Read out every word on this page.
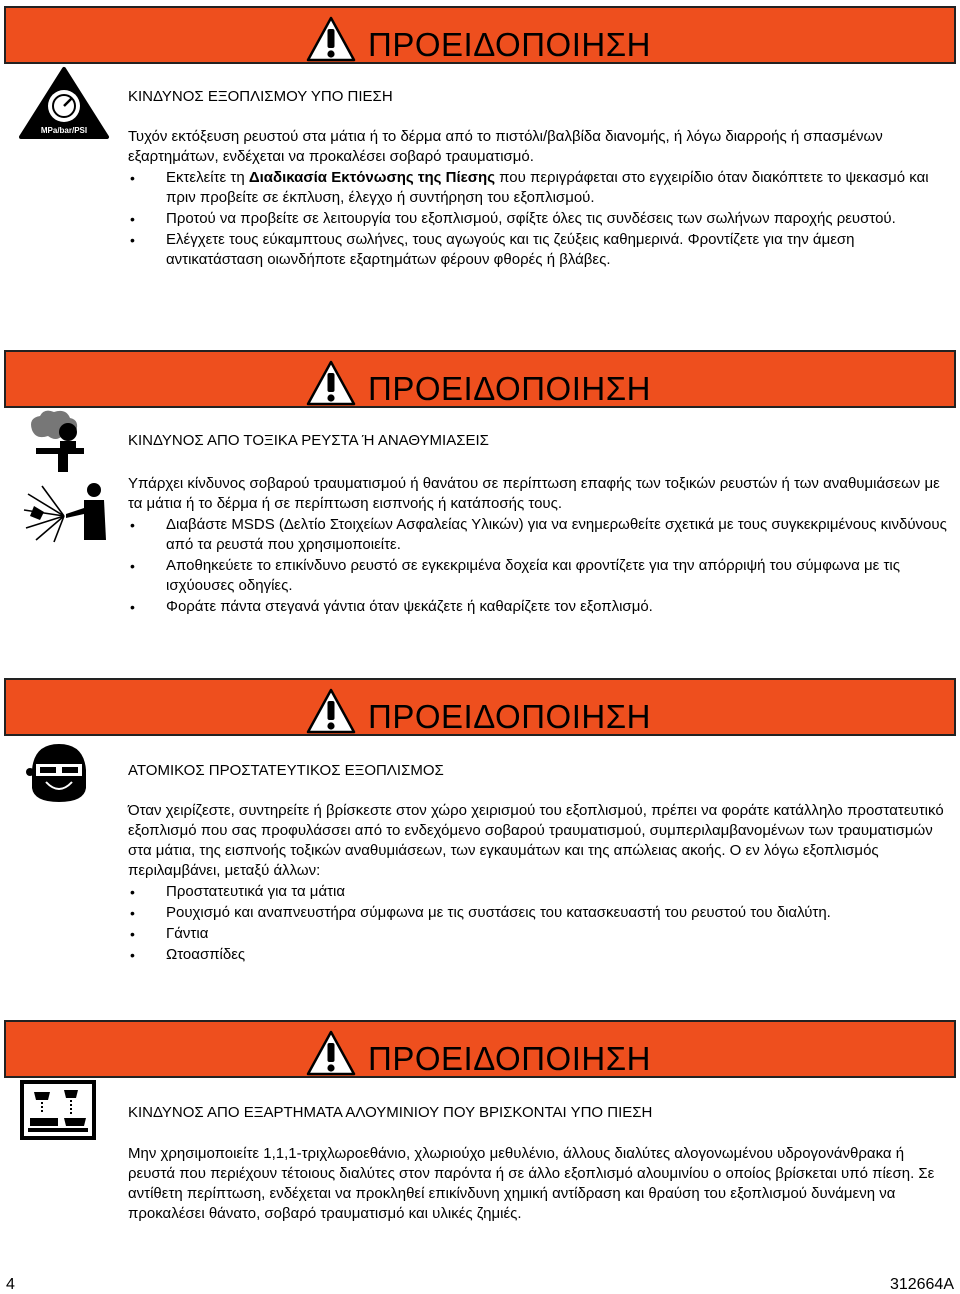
ΠΡΟΕΙΔΟΠΟΙΗΣΗ
MPa/bar/PSI
ΚΙΝΔΥΝΟΣ ΕΞΟΠΛΙΣΜΟΥ ΥΠΟ ΠΙΕΣΗ

Τυχόν εκτόξευση ρευστού στα μάτια ή το δέρμα από το πιστόλι/βαλβίδα διανομής, ή λόγω διαρροής ή σπασμένων εξαρτημάτων, ενδέχεται να προκαλέσει σοβαρό τραυματισμό.

• Εκτελείτε τη Διαδικασία Εκτόνωσης της Πίεσης που περιγράφεται στο εγχειρίδιο όταν διακόπτετε το ψεκασμό και πριν προβείτε σε έκπλυση, έλεγχο ή συντήρηση του εξοπλισμού.
• Προτού να προβείτε σε λειτουργία του εξοπλισμού, σφίξτε όλες τις συνδέσεις των σωλήνων παροχής ρευστού.
• Ελέγχετε τους εύκαμπτους σωλήνες, τους αγωγούς και τις ζεύξεις καθημερινά. Φροντίζετε για την άμεση αντικατάσταση οιωνδήποτε εξαρτημάτων φέρουν φθορές ή βλάβες.
ΠΡΟΕΙΔΟΠΟΙΗΣΗ
ΚΙΝΔΥΝΟΣ ΑΠΟ ΤΟΞΙΚΑ ΡΕΥΣΤΑ Ή ΑΝΑΘΥΜΙΑΣΕΙΣ

Υπάρχει κίνδυνος σοβαρού τραυματισμού ή θανάτου σε περίπτωση επαφής των τοξικών ρευστών ή των αναθυμιάσεων με τα μάτια ή το δέρμα ή σε περίπτωση εισπνοής ή κατάποσής τους.

• Διαβάστε MSDS (Δελτίο Στοιχείων Ασφαλείας Υλικών) για να ενημερωθείτε σχετικά με τους συγκεκριμένους κινδύνους από τα ρευστά που χρησιμοποιείτε.
• Αποθηκεύετε το επικίνδυνο ρευστό σε εγκεκριμένα δοχεία και φροντίζετε για την απόρριψή του σύμφωνα με τις ισχύουσες οδηγίες.
• Φοράτε πάντα στεγανά γάντια όταν ψεκάζετε ή καθαρίζετε τον εξοπλισμό.
ΠΡΟΕΙΔΟΠΟΙΗΣΗ
ΑΤΟΜΙΚΟΣ ΠΡΟΣΤΑΤΕΥΤΙΚΟΣ ΕΞΟΠΛΙΣΜΟΣ

Όταν χειρίζεστε, συντηρείτε ή βρίσκεστε στον χώρο χειρισμού του εξοπλισμού, πρέπει να φοράτε κατάλληλο προστατευτικό εξοπλισμό που σας προφυλάσσει από το ενδεχόμενο σοβαρού τραυματισμού, συμπεριλαμβανομένων των τραυματισμών στα μάτια, της εισπνοής τοξικών αναθυμιάσεων, των εγκαυμάτων και της απώλειας ακοής. Ο εν λόγω εξοπλισμός περιλαμβάνει, μεταξύ άλλων:

• Προστατευτικά για τα μάτια
• Ρουχισμό και αναπνευστήρα σύμφωνα με τις συστάσεις του κατασκευαστή του ρευστού του διαλύτη.
• Γάντια
• Ωτοασπίδες
ΠΡΟΕΙΔΟΠΟΙΗΣΗ
ΚΙΝΔΥΝΟΣ ΑΠΟ ΕΞΑΡΤΗΜΑΤΑ ΑΛΟΥΜΙΝΙΟΥ ΠΟΥ ΒΡΙΣΚΟΝΤΑΙ ΥΠΟ ΠΙΕΣΗ

Μην χρησιμοποιείτε 1,1,1-τριχλωροεθάνιο, χλωριούχο μεθυλένιο, άλλους διαλύτες αλογονωμένου υδρογονάνθρακα ή ρευστά που περιέχουν τέτοιους διαλύτες στον παρόντα ή σε άλλο εξοπλισμό αλουμινίου ο οποίος βρίσκεται υπό πίεση. Σε αντίθετη περίπτωση, ενδέχεται να προκληθεί επικίνδυνη χημική αντίδραση και θραύση του εξοπλισμού δυνάμενη να προκαλέσει θάνατο, σοβαρό τραυματισμό και υλικές ζημιές.

4	312664A
